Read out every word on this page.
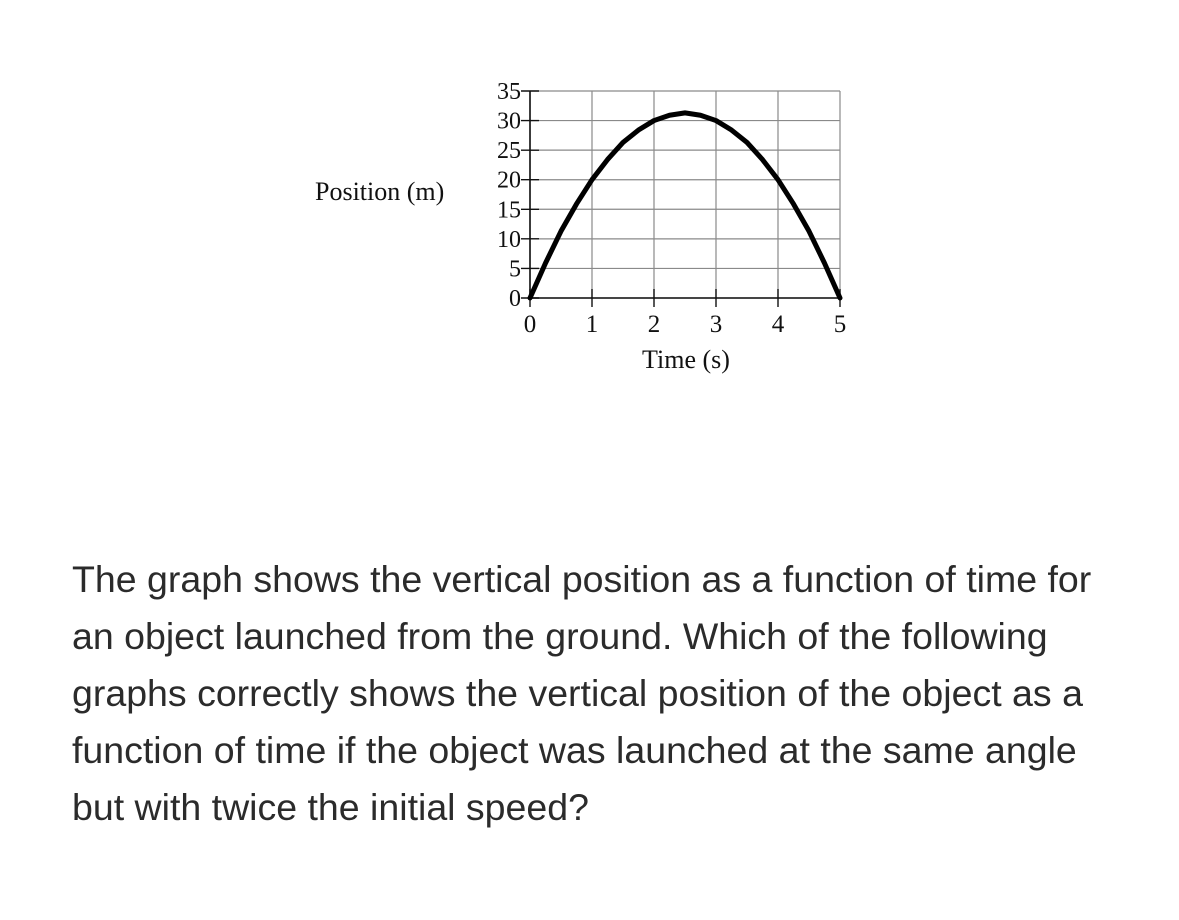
0
5
10
15
20
25
30
35
0 1 2 3 4 5
Position (m)
Time (s)

The graph shows the vertical position as a function of time for an object launched from the ground. Which of the following graphs correctly shows the vertical position of the object as a function of time if the object was launched at the same angle but with twice the initial speed?
